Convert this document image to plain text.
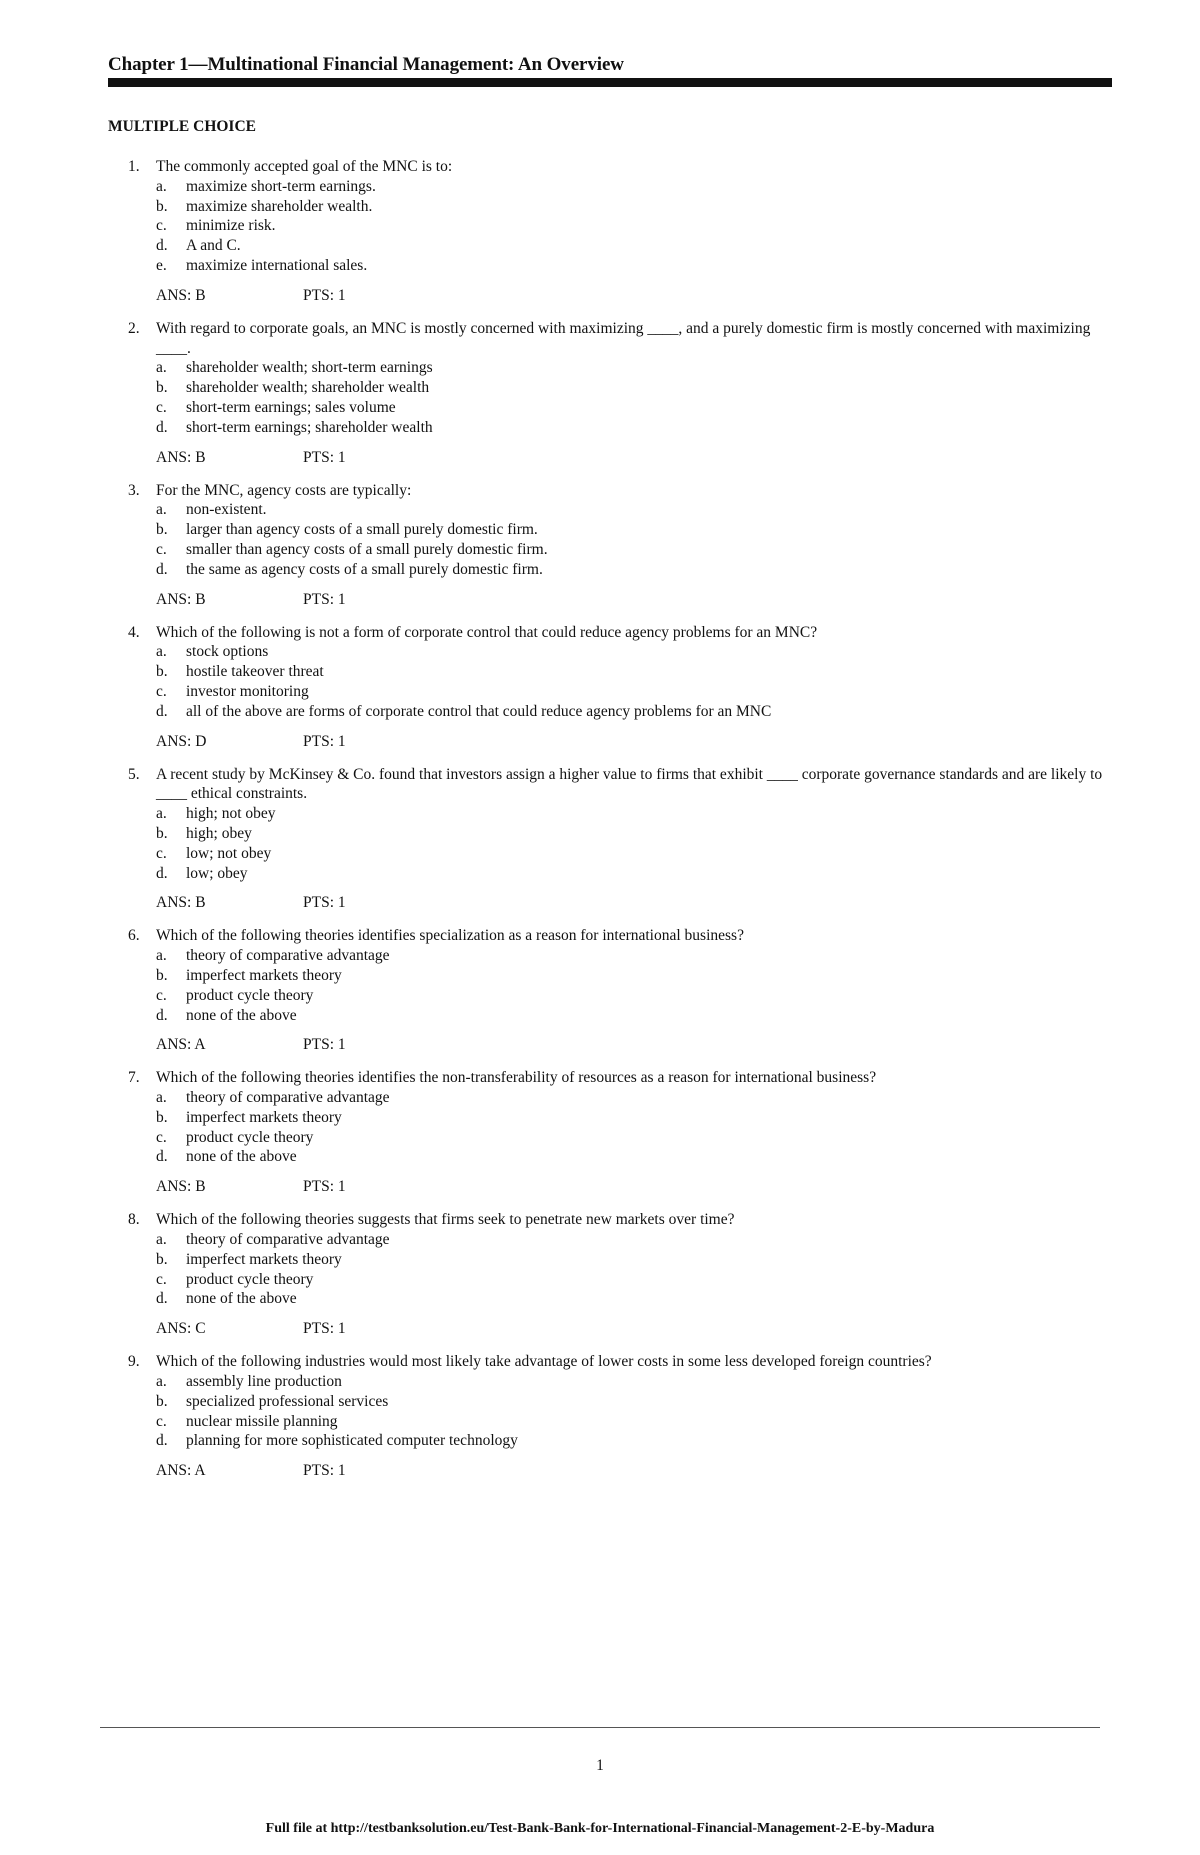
Chapter 1—Multinational Financial Management: An Overview
MULTIPLE CHOICE
1. The commonly accepted goal of the MNC is to:
a. maximize short-term earnings.
b. maximize shareholder wealth.
c. minimize risk.
d. A and C.
e. maximize international sales.
ANS: B	PTS: 1
2. With regard to corporate goals, an MNC is mostly concerned with maximizing ____, and a purely domestic firm is mostly concerned with maximizing ____.
a. shareholder wealth; short-term earnings
b. shareholder wealth; shareholder wealth
c. short-term earnings; sales volume
d. short-term earnings; shareholder wealth
ANS: B	PTS: 1
3. For the MNC, agency costs are typically:
a. non-existent.
b. larger than agency costs of a small purely domestic firm.
c. smaller than agency costs of a small purely domestic firm.
d. the same as agency costs of a small purely domestic firm.
ANS: B	PTS: 1
4. Which of the following is not a form of corporate control that could reduce agency problems for an MNC?
a. stock options
b. hostile takeover threat
c. investor monitoring
d. all of the above are forms of corporate control that could reduce agency problems for an MNC
ANS: D	PTS: 1
5. A recent study by McKinsey & Co. found that investors assign a higher value to firms that exhibit ____ corporate governance standards and are likely to ____ ethical constraints.
a. high; not obey
b. high; obey
c. low; not obey
d. low; obey
ANS: B	PTS: 1
6. Which of the following theories identifies specialization as a reason for international business?
a. theory of comparative advantage
b. imperfect markets theory
c. product cycle theory
d. none of the above
ANS: A	PTS: 1
7. Which of the following theories identifies the non-transferability of resources as a reason for international business?
a. theory of comparative advantage
b. imperfect markets theory
c. product cycle theory
d. none of the above
ANS: B	PTS: 1
8. Which of the following theories suggests that firms seek to penetrate new markets over time?
a. theory of comparative advantage
b. imperfect markets theory
c. product cycle theory
d. none of the above
ANS: C	PTS: 1
9. Which of the following industries would most likely take advantage of lower costs in some less developed foreign countries?
a. assembly line production
b. specialized professional services
c. nuclear missile planning
d. planning for more sophisticated computer technology
ANS: A	PTS: 1
1
Full file at http://testbanksolution.eu/Test-Bank-Bank-for-International-Financial-Management-2-E-by-Madura
